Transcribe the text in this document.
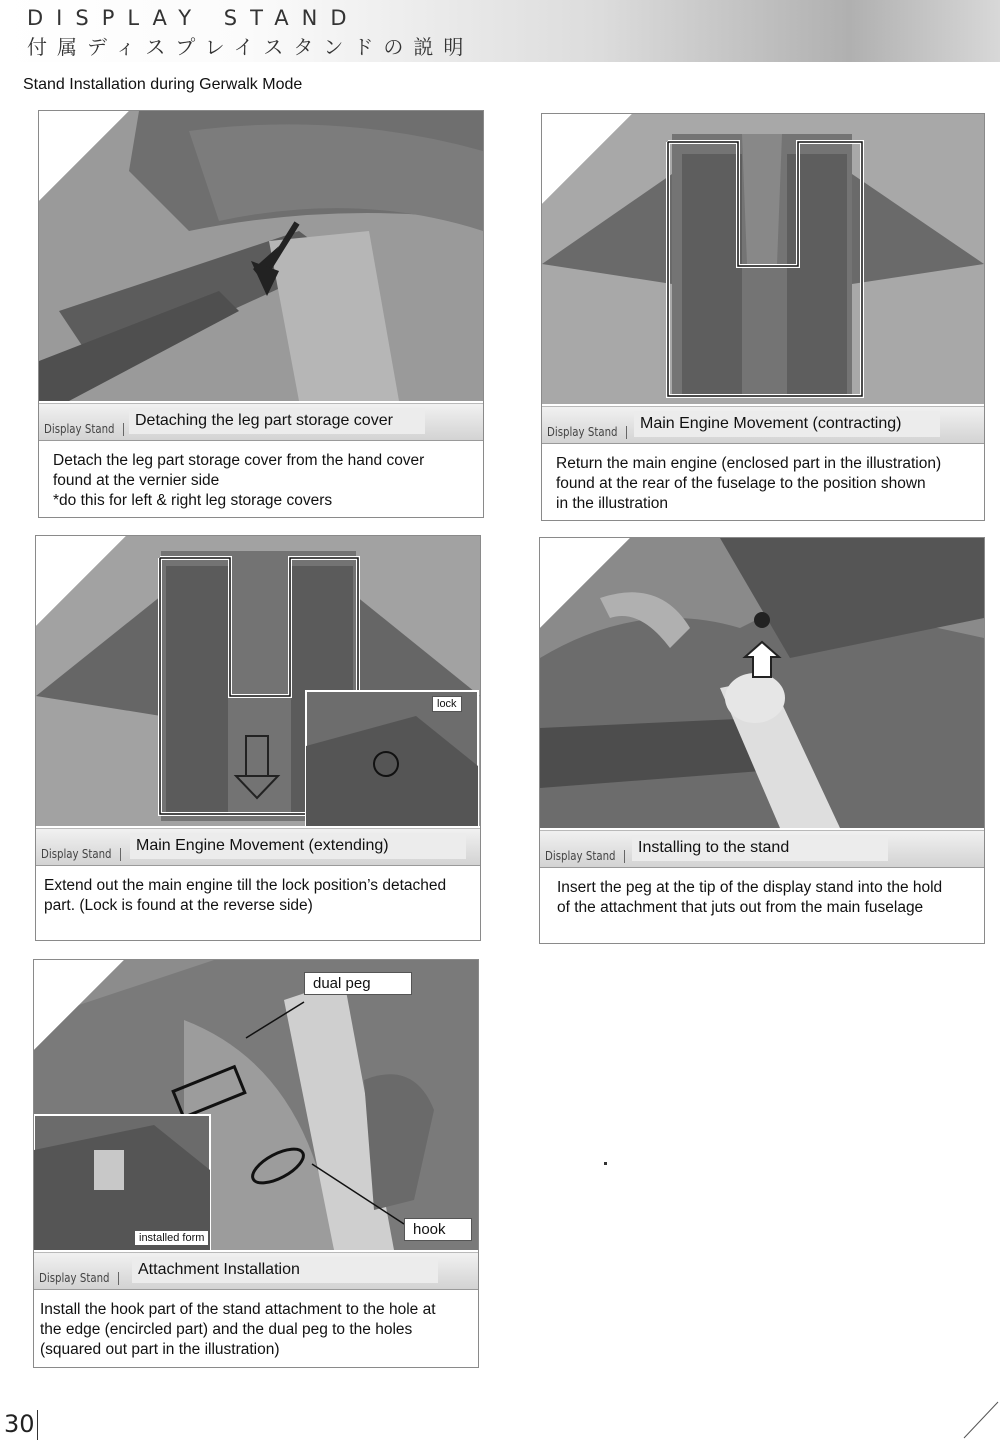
DISPLAY STAND
付属ディスプレイスタンドの説明
Stand Installation during Gerwalk Mode
Display Stand	Detaching the leg part storage cover
Detach the leg part storage cover from the hand cover
found at the vernier side
*do this for left & right leg storage covers
Display Stand	Main Engine Movement (contracting)
Return the main engine (enclosed part in the illustration)
found at the rear of the fuselage to the position shown
in the illustration
lock
Display Stand	Main Engine Movement (extending)
Extend out the main engine till the lock position’s detached
part. (Lock is found at the reverse side)
Display Stand	Installing to the stand
Insert the peg at the tip of the display stand into the hold
of the attachment that juts out from the main fuselage
dual peg
hook
installed form
Display Stand	Attachment Installation
Install the hook part of the stand attachment to the hole at
the edge (encircled part) and the dual peg to the holes
(squared out part in the illustration)
30
